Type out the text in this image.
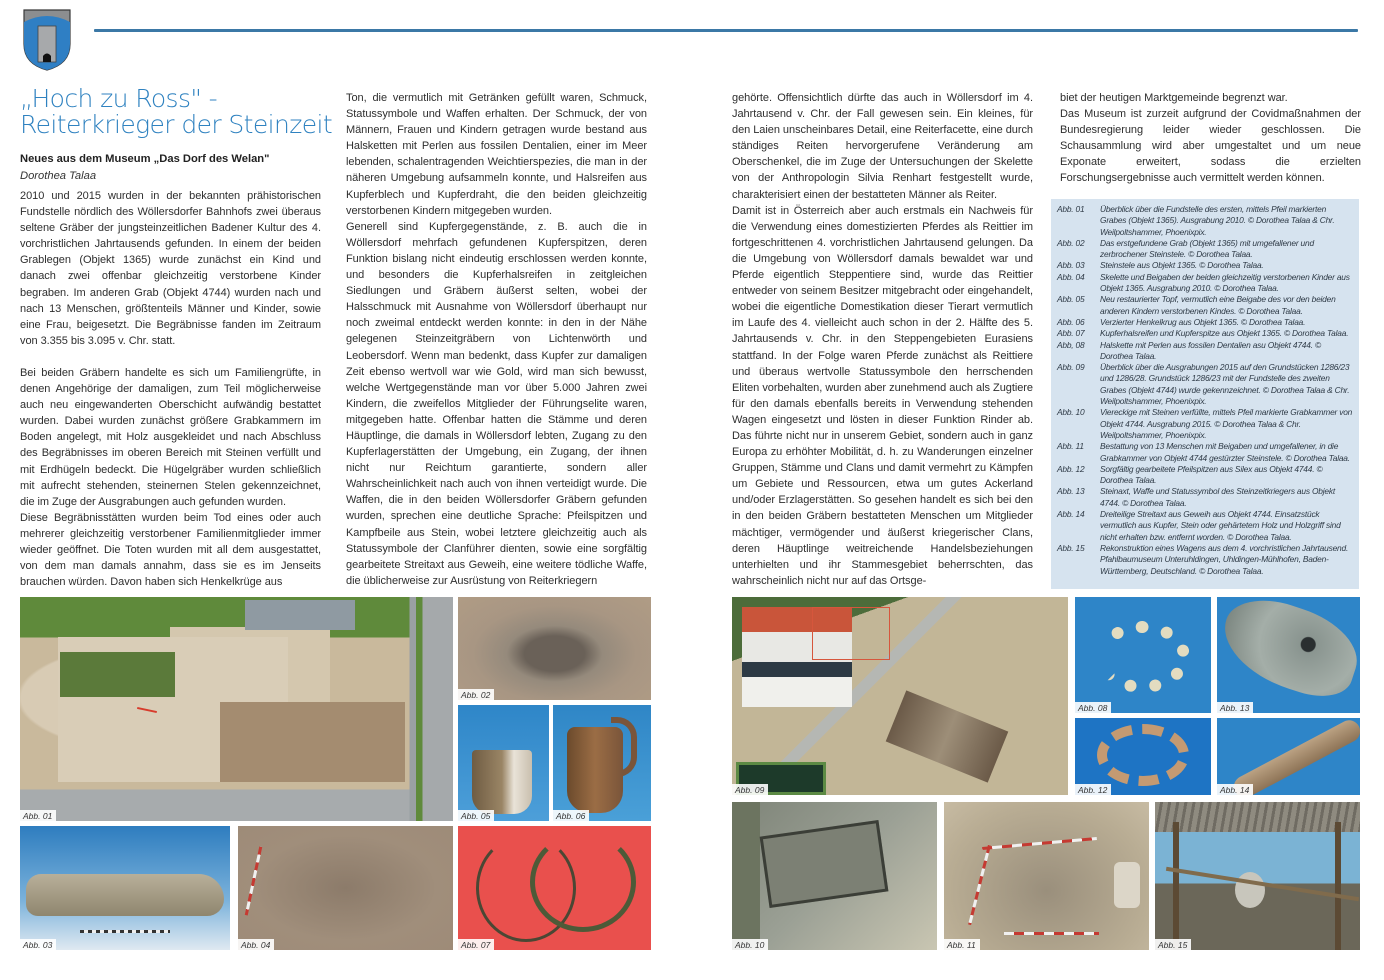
„Hoch zu Ross" -
Reiterkrieger der Steinzeit
Neues aus dem Museum „Das Dorf des Welan"
Dorothea Talaa

2010 und 2015 wurden in der bekannten prähistorischen Fundstelle nördlich des Wöllersdorfer Bahnhofs zwei überaus seltene Gräber der jungsteinzeitlichen Badener Kultur des 4. vorchristlichen Jahrtausends gefunden. In einem der beiden Grablegen (Objekt 1365) wurde zunächst ein Kind und danach zwei offenbar gleichzeitig verstorbene Kinder begraben. Im anderen Grab (Objekt 4744) wurden nach und nach 13 Menschen, größtenteils Männer und Kinder, sowie eine Frau, beigesetzt. Die Begräbnisse fanden im Zeitraum von 3.355 bis 3.095 v. Chr. statt.

Bei beiden Gräbern handelte es sich um Familiengrüfte, in denen Angehörige der damaligen, zum Teil möglicherweise auch neu eingewanderten Oberschicht aufwändig bestattet wurden. Dabei wurden zunächst größere Grabkammern im Boden angelegt, mit Holz ausgekleidet und nach Abschluss des Begräbnisses im oberen Bereich mit Steinen verfüllt und mit Erdhügeln bedeckt. Die Hügelgräber wurden schließlich mit aufrecht stehenden, steinernen Stelen gekennzeichnet, die im Zuge der Ausgrabungen auch gefunden wurden.

Diese Begräbnisstätten wurden beim Tod eines oder auch mehrerer gleichzeitig verstorbener Familienmitglieder immer wieder geöffnet. Die Toten wurden mit all dem ausgestattet, von dem man damals annahm, dass sie es im Jenseits brauchen würden. Davon haben sich Henkelkrüge aus

Ton, die vermutlich mit Getränken gefüllt waren, Schmuck, Statussymbole und Waffen erhalten. Der Schmuck, der von Männern, Frauen und Kindern getragen wurde bestand aus Halsketten mit Perlen aus fossilen Dentalien, einer im Meer lebenden, schalentragenden Weichtierspezies, die man in der näheren Umgebung aufsammeln konnte, und Halsreifen aus Kupferblech und Kupferdraht, die den beiden gleichzeitig verstorbenen Kindern mitgegeben wurden.

Generell sind Kupfergegenstände, z. B. auch die in Wöllersdorf mehrfach gefundenen Kupferspitzen, deren Funktion bislang nicht eindeutig erschlossen werden konnte, und besonders die Kupferhalsreifen in zeitgleichen Siedlungen und Gräbern äußerst selten, wobei der Halsschmuck mit Ausnahme von Wöllersdorf überhaupt nur noch zweimal entdeckt werden konnte: in den in der Nähe gelegenen Steinzeitgräbern von Lichtenwörth und Leobersdorf. Wenn man bedenkt, dass Kupfer zur damaligen Zeit ebenso wertvoll war wie Gold, wird man sich bewusst, welche Wertgegenstände man vor über 5.000 Jahren zwei Kindern, die zweifellos Mitglieder der Führungselite waren, mitgegeben hatte. Offenbar hatten die Stämme und deren Häuptlinge, die damals in Wöllersdorf lebten, Zugang zu den Kupferlagerstätten der Umgebung, ein Zugang, der ihnen nicht nur Reichtum garantierte, sondern aller Wahrscheinlichkeit nach auch von ihnen verteidigt wurde. Die Waffen, die in den beiden Wöllersdorfer Gräbern gefunden wurden, sprechen eine deutliche Sprache: Pfeilspitzen und Kampfbeile aus Stein, wobei letztere gleichzeitig auch als Statussymbole der Clanführer dienten, sowie eine sorgfältig gearbeitete Streitaxt aus Geweih, eine weitere tödliche Waffe, die üblicherweise zur Ausrüstung von Reiterkriegern

gehörte. Offensichtlich dürfte das auch in Wöllersdorf im 4. Jahrtausend v. Chr. der Fall gewesen sein. Ein kleines, für den Laien unscheinbares Detail, eine Reiterfacette, eine durch ständiges Reiten hervorgerufene Veränderung am Oberschenkel, die im Zuge der Untersuchungen der Skelette von der Anthropologin Silvia Renhart festgestellt wurde, charakterisiert einen der bestatteten Männer als Reiter.

Damit ist in Österreich aber auch erstmals ein Nachweis für die Verwendung eines domestizierten Pferdes als Reittier im fortgeschrittenen 4. vorchristlichen Jahrtausend gelungen. Da die Umgebung von Wöllersdorf damals bewaldet war und Pferde eigentlich Steppentiere sind, wurde das Reittier entweder von seinem Besitzer mitgebracht oder eingehandelt, wobei die eigentliche Domestikation dieser Tierart vermutlich im Laufe des 4. vielleicht auch schon in der 2. Hälfte des 5. Jahrtausends v. Chr. in den Steppengebieten Eurasiens stattfand. In der Folge waren Pferde zunächst als Reittiere und überaus wertvolle Statussymbole den herrschenden Eliten vorbehalten, wurden aber zunehmend auch als Zugtiere für den damals ebenfalls bereits in Verwendung stehenden Wagen eingesetzt und lösten in dieser Funktion Rinder ab. Das führte nicht nur in unserem Gebiet, sondern auch in ganz Europa zu erhöhter Mobilität, d. h. zu Wanderungen einzelner Gruppen, Stämme und Clans und damit vermehrt zu Kämpfen um Gebiete und Ressourcen, etwa um gutes Ackerland und/oder Erzlagerstätten. So gesehen handelt es sich bei den in den beiden Gräbern bestatteten Menschen um Mitglieder mächtiger, vermögender und äußerst kriegerischer Clans, deren Häuptlinge weitreichende Handelsbeziehungen unterhielten und ihr Stammesgebiet beherrschten, das wahrscheinlich nicht nur auf das Ortsge-

biet der heutigen Marktgemeinde begrenzt war.

Das Museum ist zurzeit aufgrund der Covidmaßnahmen der Bundesregierung leider wieder geschlossen. Die Schausammlung wird aber umgestaltet und um neue Exponate erweitert, sodass die erzielten Forschungsergebnisse auch vermittelt werden können.

Abb. 01	Überblick über die Fundstelle des ersten, mittels Pfeil markierten Grabes (Objekt 1365). Ausgrabung 2010. © Dorothea Talaa & Chr. Weilpoltshammer, Phoenixpix.
Abb. 02	Das erstgefundene Grab (Objekt 1365) mit umgefallener und zerbrochener Steinstele. © Dorothea Talaa.
Abb. 03	Steinstele aus Objekt 1365. © Dorothea Talaa.
Abb. 04	Skelette und Beigaben der beiden gleichzeitig verstorbenen Kinder aus Objekt 1365. Ausgrabung 2010. © Dorothea Talaa.
Abb. 05	Neu restaurierter Topf, vermutlich eine Beigabe des vor den beiden anderen Kindern verstorbenen Kindes. © Dorothea Talaa.
Abb. 06	Verzierter Henkelkrug aus Objekt 1365. © Dorothea Talaa.
Abb. 07	Kupferhalsreifen und Kupferspitze aus Objekt 1365. © Dorothea Talaa.
Abb, 08	Halskette mit Perlen aus fossilen Dentalien asu Objekt 4744. © Dorothea Talaa.
Abb. 09	Überblick über die Ausgrabungen 2015 auf den Grundstücken 1286/23 und 1286/28. Grundstück 1286/23 mit der Fundstelle des zweiten Grabes (Objekt 4744) wurde gekennzeichnet. © Dorothea Talaa & Chr. Weilpoltshammer, Phoenixpix.
Abb. 10	Viereckige mit Steinen verfüllte, mittels Pfeil markierte Grabkammer von Objekt 4744. Ausgrabung 2015. © Dorothea Talaa & Chr. Weilpoltshammer, Phoenixpix.
Abb. 11	Bestattung von 13 Menschen mit Beigaben und umgefallener, in die Grabkammer von Objekt 4744 gestürzter Steinstele. © Dorothea Talaa.
Abb. 12	Sorgfältig gearbeitete Pfeilspitzen aus Silex aus Objekt 4744. © Dorothea Talaa.
Abb. 13	Steinaxt, Waffe und Statussymbol des Steinzeitkriegers aus Objekt 4744. © Dorothea Talaa.
Abb. 14	Dreiteilige Streitaxt aus Geweih aus Objekt 4744. Einsatzstück vermutlich aus Kupfer, Stein oder gehärtetem Holz und Holzgriff sind nicht erhalten bzw. entfernt worden. © Dorothea Talaa.
Abb. 15	Rekonstruktion eines Wagens aus dem 4. vorchristlichen Jahrtausend. Pfahlbaumuseum Unteruhldingen, Uhldingen-Mühlhofen, Baden-Württemberg, Deutschland. © Dorothea Talaa.
Abb. 01
Abb. 02
Abb. 05	Abb. 06
Abb. 03	Abb. 04	Abb. 07
Abb. 09
Abb. 08	Abb. 13
Abb. 12	Abb. 14
Abb. 10	Abb. 11	Abb. 15
